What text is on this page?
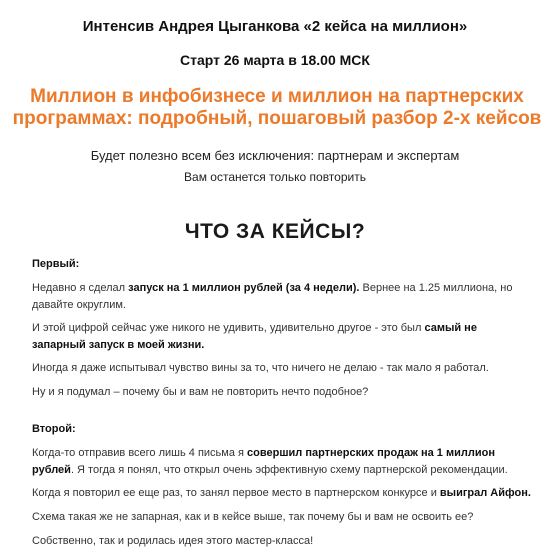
Интенсив Андрея Цыганкова «2 кейса на миллион»
Старт 26 марта в 18.00 МСК
Миллион в инфобизнесе и миллион на партнерских
программах: подробный, пошаговый разбор 2-х кейсов
Будет полезно всем без исключения: партнерам и экспертам
Вам останется только повторить
ЧТО ЗА КЕЙСЫ?
Первый:

Недавно я сделал запуск на 1 миллион рублей (за 4 недели). Вернее на 1.25 миллиона, но давайте округлим.

И этой цифрой сейчас уже никого не удивить, удивительно другое - это был самый не запарный запуск в моей жизни.

Иногда я даже испытывал чувство вины за то, что ничего не делаю - так мало я работал.

Ну и я подумал – почему бы и вам не повторить нечто подобное?

Второй:

Когда-то отправив всего лишь 4 письма я совершил партнерских продаж на 1 миллион рублей. Я тогда я понял, что открыл очень эффективную схему партнерской рекомендации.

Когда я повторил ее еще раз, то занял первое место в партнерском конкурсе и выиграл Айфон.

Схема такая же не запарная, как и в кейсе выше, так почему бы и вам не освоить ее?

Собственно, так и родилась идея этого мастер-класса!
